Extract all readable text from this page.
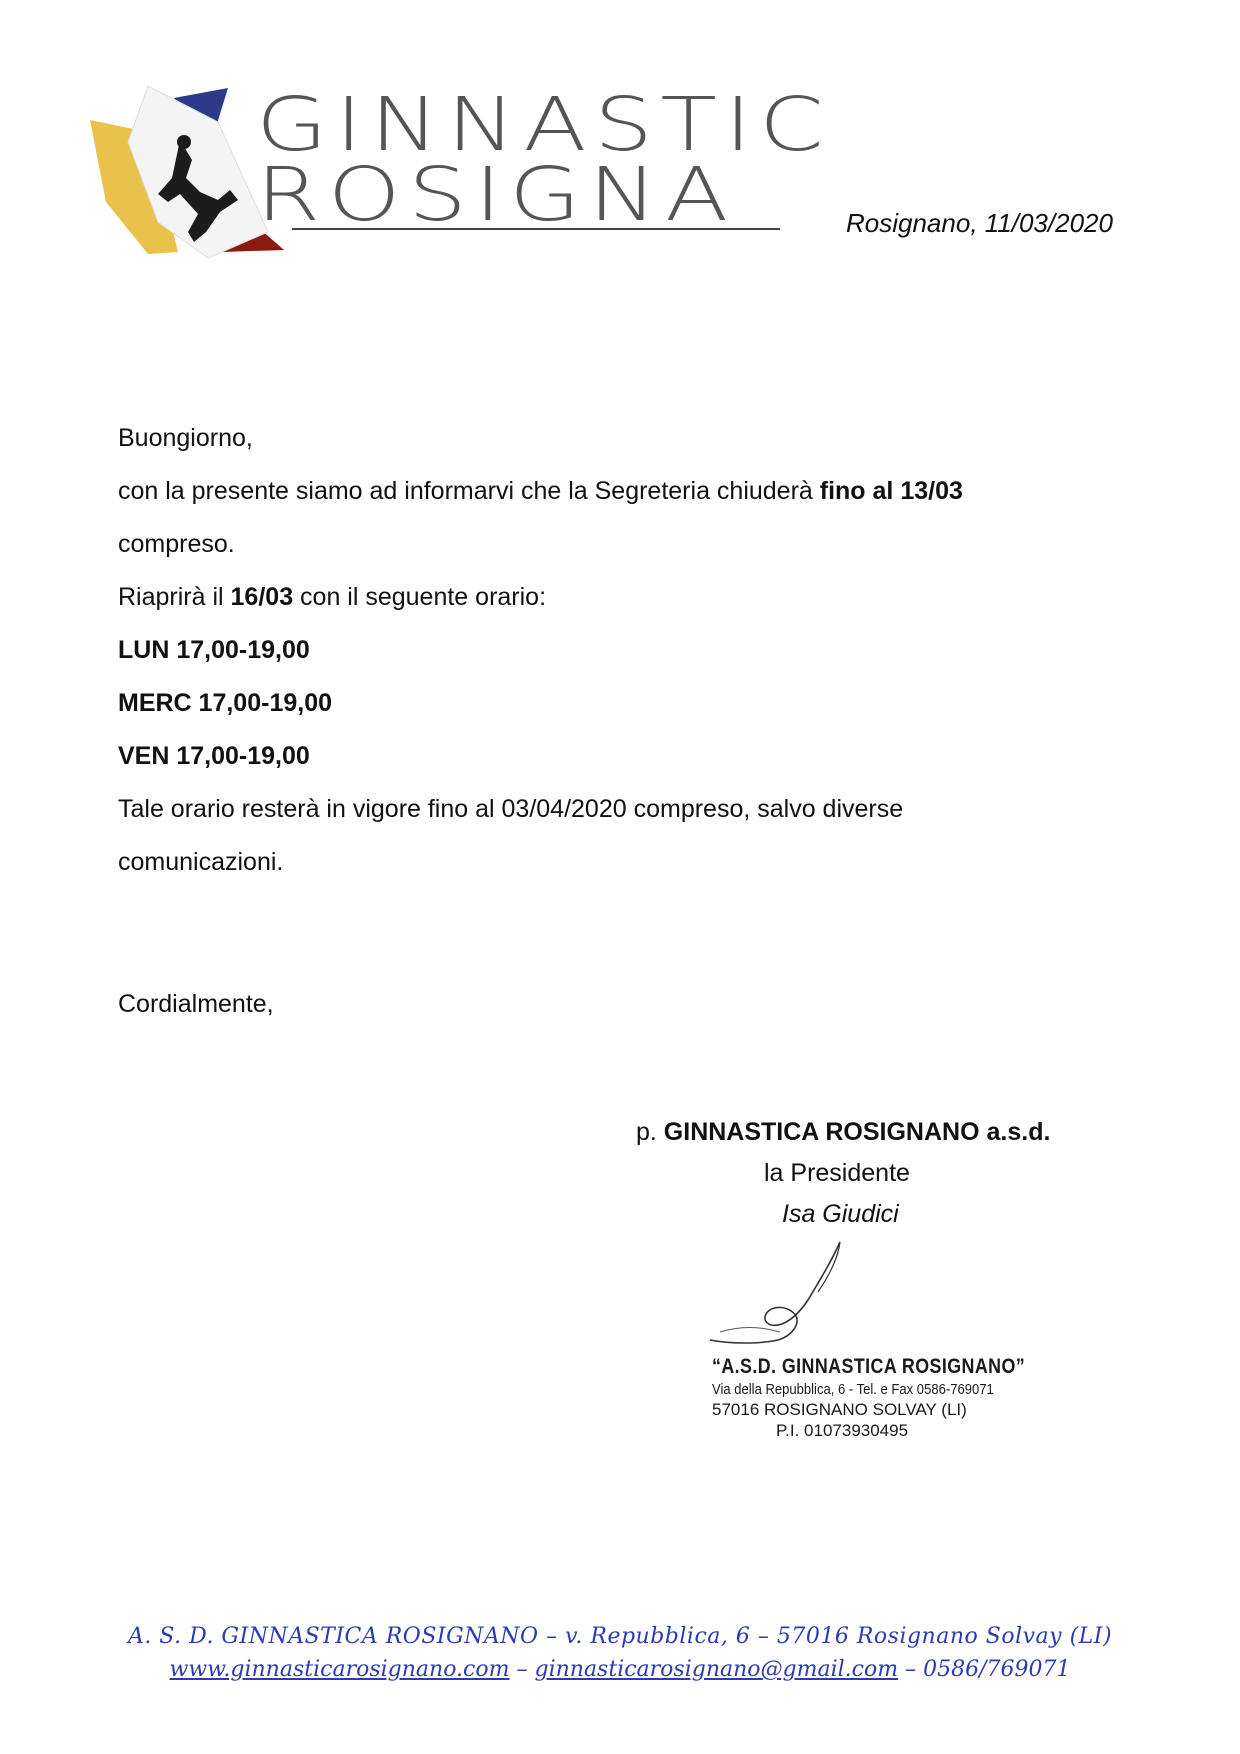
GINNASTIC
ROSIGNA	Rosignano, 11/03/2020
Buongiorno,
con la presente siamo ad informarvi che la Segreteria chiuderà fino al 13/03
compreso.
Riaprirà il 16/03 con il seguente orario:
LUN 17,00-19,00
MERC 17,00-19,00
VEN 17,00-19,00
Tale orario resterà in vigore fino al 03/04/2020 compreso, salvo diverse
comunicazioni.
Cordialmente,
p. GINNASTICA ROSIGNANO a.s.d.
la Presidente
Isa Giudici
“A.S.D. GINNASTICA ROSIGNANO”
Via della Repubblica, 6 - Tel. e Fax 0586-769071
57016 ROSIGNANO SOLVAY (LI)
P.I. 01073930495
A. S. D. GINNASTICA ROSIGNANO – v. Repubblica, 6 – 57016 Rosignano Solvay (LI)
www.ginnasticarosignano.com – ginnasticarosignano@gmail.com – 0586/769071
